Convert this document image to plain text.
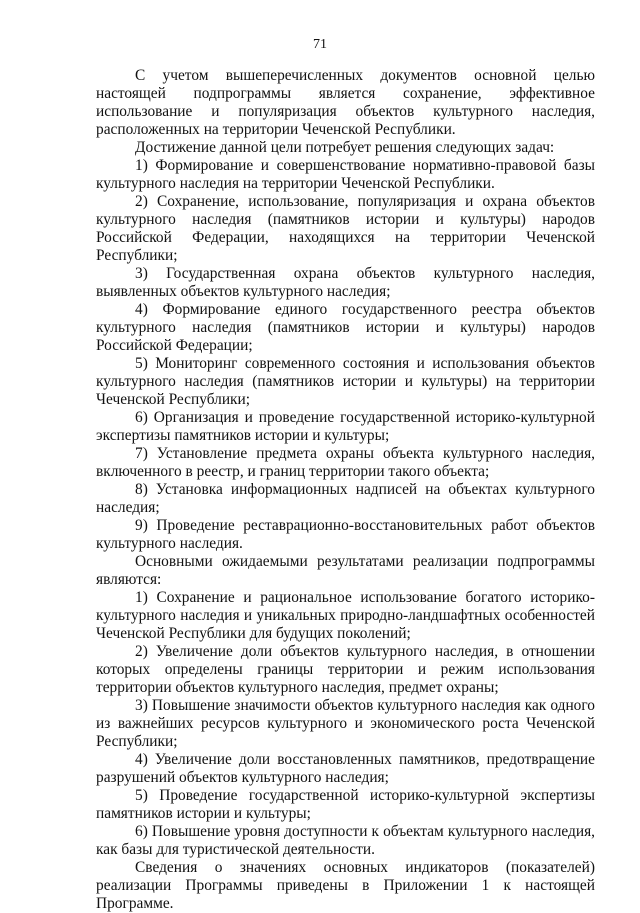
71

С учетом вышеперечисленных документов основной целью настоящей подпрограммы является сохранение, эффективное использование и популяризация объектов культурного наследия, расположенных на территории Чеченской Республики.

Достижение данной цели потребует решения следующих задач:

1) Формирование и совершенствование нормативно-правовой базы культурного наследия на территории Чеченской Республики.

2) Сохранение, использование, популяризация и охрана объектов культурного наследия (памятников истории и культуры) народов Российской Федерации, находящихся на территории Чеченской Республики;

3) Государственная охрана объектов культурного наследия, выявленных объектов культурного наследия;

4) Формирование единого государственного реестра объектов культурного наследия (памятников истории и культуры) народов Российской Федерации;

5) Мониторинг современного состояния и использования объектов культурного наследия (памятников истории и культуры) на территории Чеченской Республики;

6) Организация и проведение государственной историко-культурной экспертизы памятников истории и культуры;

7) Установление предмета охраны объекта культурного наследия, включенного в реестр, и границ территории такого объекта;

8) Установка информационных надписей на объектах культурного наследия;

9) Проведение реставрационно-восстановительных работ объектов культурного наследия.

Основными ожидаемыми результатами реализации подпрограммы являются:

1) Сохранение и рациональное использование богатого историко-культурного наследия и уникальных природно-ландшафтных особенностей Чеченской Республики для будущих поколений;

2) Увеличение доли объектов культурного наследия, в отношении которых определены границы территории и режим использования территории объектов культурного наследия, предмет охраны;

3) Повышение значимости объектов культурного наследия как одного из важнейших ресурсов культурного и экономического роста Чеченской Республики;

4) Увеличение доли восстановленных памятников, предотвращение разрушений объектов культурного наследия;

5) Проведение государственной историко-культурной экспертизы памятников истории и культуры;

6) Повышение уровня доступности к объектам культурного наследия, как базы для туристической деятельности.

Сведения о значениях основных индикаторов (показателей) реализации Программы приведены в Приложении 1 к настоящей Программе.
